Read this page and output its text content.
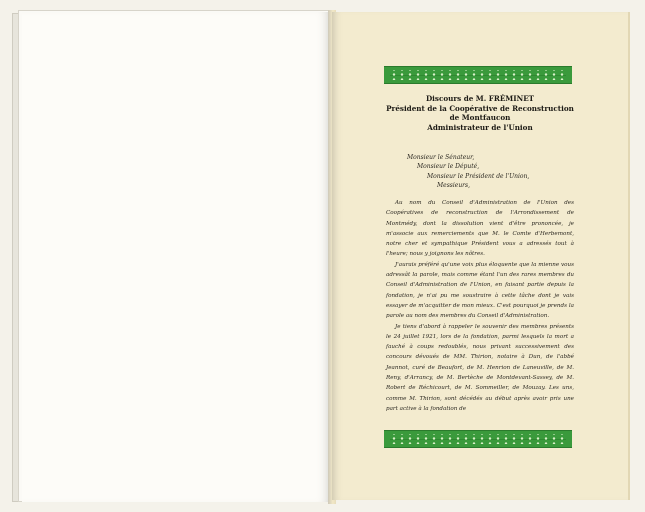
Discours de M. FRÉMINET
Président de la Coopérative de Reconstruction
de Montfaucon
Administrateur de l'Union
Monsieur le Sénateur,
Monsieur le Député,
Monsieur le Président de l'Union,
Messieurs,

Au nom du Conseil d'Administration de l'Union des Coopératives de reconstruction de l'Arrondissement de Montmédy, dont la dissolution vient d'être prononcée, je m'associe aux remerciements que M. le Comte d'Herbemont, notre cher et sympathique Président vous a adressés tout à l'heure; nous y joignons les nôtres.

J'aurais préféré qu'une voix plus éloquente que la mienne vous adressât la parole, mais comme étant l'un des rares membres du Conseil d'Administration de l'Union, en faisant partie depuis la fondation, je n'ai pu me soustraire à cette tâche dont je vais essayer de m'acquitter de mon mieux. C'est pourquoi je prends la parole au nom des membres du Conseil d'Administration.

Je tiens d'abord à rappeler le souvenir des membres présents le 24 juillet 1921, lors de la fondation, parmi lesquels la mort a fauché à coups redoublés, nous privant successivement des concours dévoués de MM. Thirion, notaire à Dun, de l'abbé Jeannot, curé de Beaufort, de M. Henrion de Laneuville, de M. Reny, d'Arrancy, de M. Bertèche de Montdevant-Sassey, de M. Robert de Réchicourt, de M. Sommeiller, de Mouzay. Les uns, comme M. Thirion, sont décédés au début après avoir pris une part active à la fondation de
